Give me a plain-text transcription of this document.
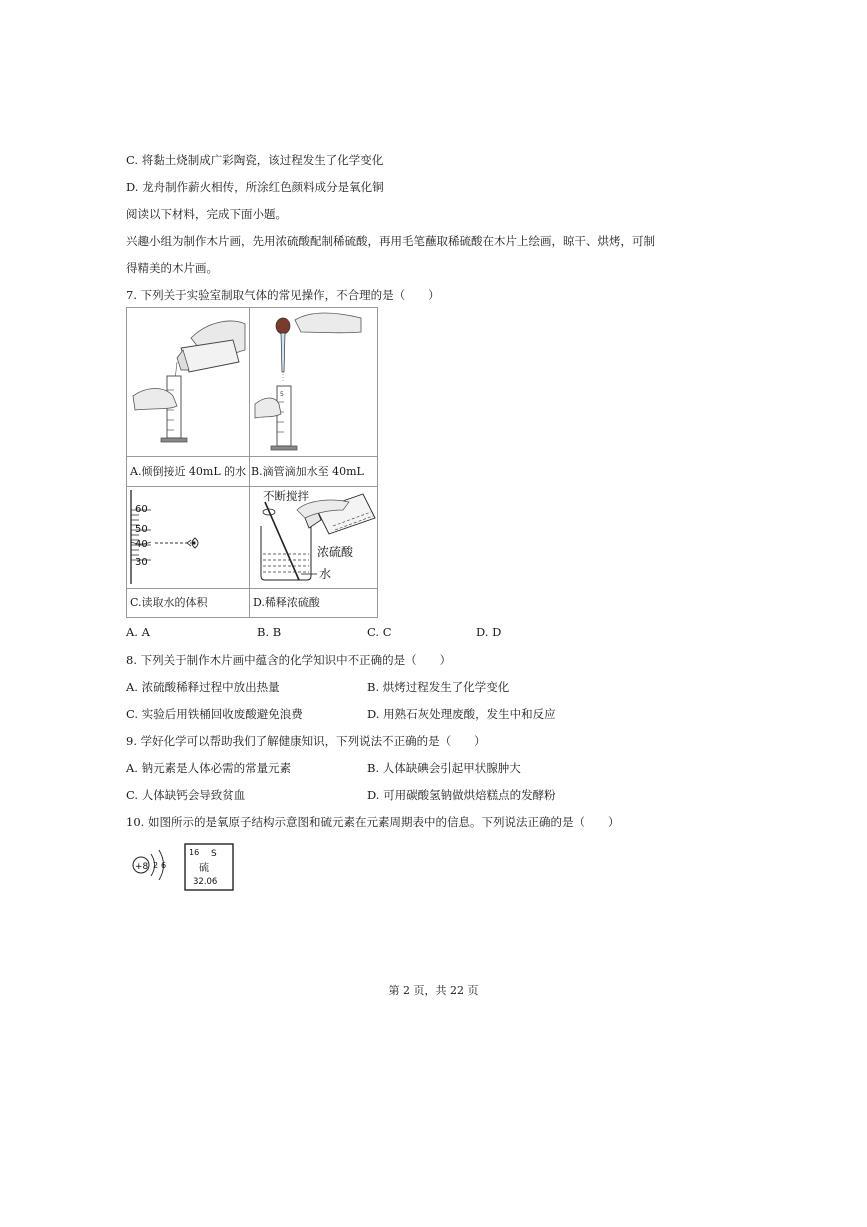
C. 将黏土烧制成广彩陶瓷，该过程发生了化学变化
D. 龙舟制作薪火相传，所涂红色颜料成分是氧化铜
阅读以下材料，完成下面小题。
兴趣小组为制作木片画，先用浓硫酸配制稀硫酸，再用毛笔蘸取稀硫酸在木片上绘画，晾干、烘烤，可制
得精美的木片画。
7. 下列关于实验室制取气体的常见操作，不合理的是（　　）
5
A.倾倒接近 40mL 的水 B.滴管滴加水至 40mL
60
50
40
30
不断搅拌
浓硫酸
水
C.读取水的体积	D.稀释浓硫酸
A. A	B. B	C. C	D. D
8. 下列关于制作木片画中蕴含的化学知识中不正确的是（　　）
A. 浓硫酸稀释过程中放出热量	B. 烘烤过程发生了化学变化
C. 实验后用铁桶回收废酸避免浪费	D. 用熟石灰处理废酸，发生中和反应
9. 学好化学可以帮助我们了解健康知识，下列说法不正确的是（　　）
A. 钠元素是人体必需的常量元素	B. 人体缺碘会引起甲状腺肿大
C. 人体缺钙会导致贫血	D. 可用碳酸氢钠做烘焙糕点的发酵粉
10. 如图所示的是氧原子结构示意图和硫元素在元素周期表中的信息。下列说法正确的是（　　）
+8 2 6
16 S
硫
32.06
第 2 页，共 22 页
